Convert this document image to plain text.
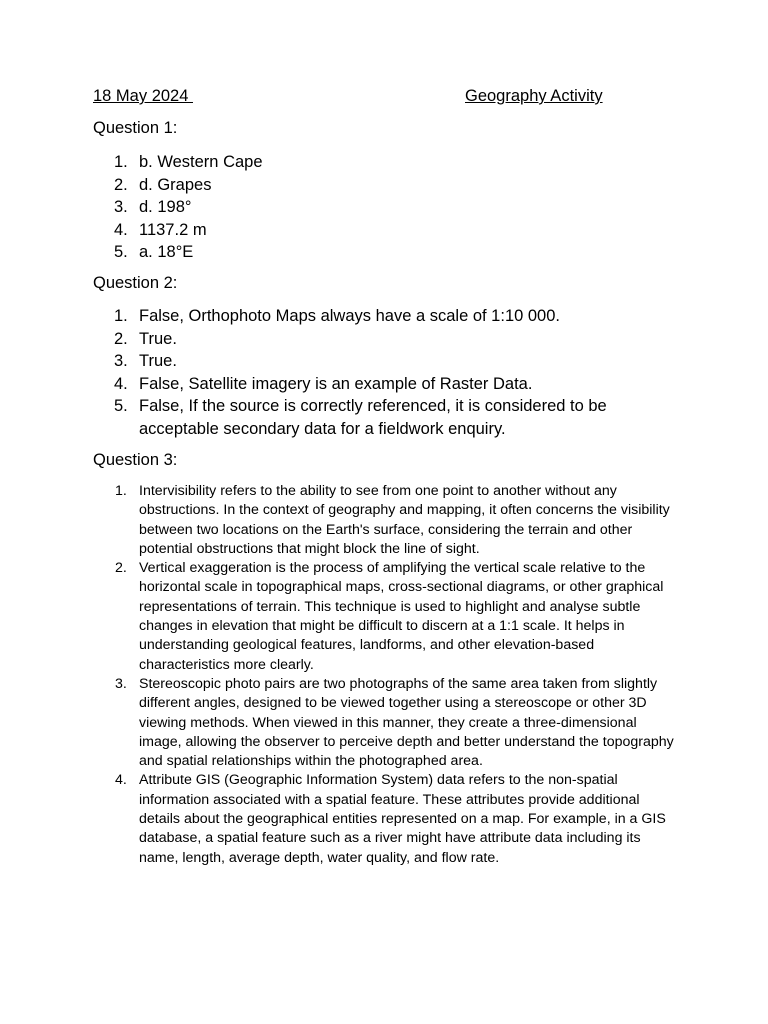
18 May 2024	Geography Activity
Question 1:
1. b. Western Cape
2. d. Grapes
3. d. 198°
4. 1137.2 m
5. a. 18°E
Question 2:
1. False, Orthophoto Maps always have a scale of 1:10 000.
2. True.
3. True.
4. False, Satellite imagery is an example of Raster Data.
5. False, If the source is correctly referenced, it is considered to be acceptable secondary data for a fieldwork enquiry.
Question 3:
1. Intervisibility refers to the ability to see from one point to another without any obstructions. In the context of geography and mapping, it often concerns the visibility between two locations on the Earth's surface, considering the terrain and other potential obstructions that might block the line of sight.
2. Vertical exaggeration is the process of amplifying the vertical scale relative to the horizontal scale in topographical maps, cross-sectional diagrams, or other graphical representations of terrain. This technique is used to highlight and analyse subtle changes in elevation that might be difficult to discern at a 1:1 scale. It helps in understanding geological features, landforms, and other elevation-based characteristics more clearly.
3. Stereoscopic photo pairs are two photographs of the same area taken from slightly different angles, designed to be viewed together using a stereoscope or other 3D viewing methods. When viewed in this manner, they create a three-dimensional image, allowing the observer to perceive depth and better understand the topography and spatial relationships within the photographed area.
4. Attribute GIS (Geographic Information System) data refers to the non-spatial information associated with a spatial feature. These attributes provide additional details about the geographical entities represented on a map. For example, in a GIS database, a spatial feature such as a river might have attribute data including its name, length, average depth, water quality, and flow rate.
